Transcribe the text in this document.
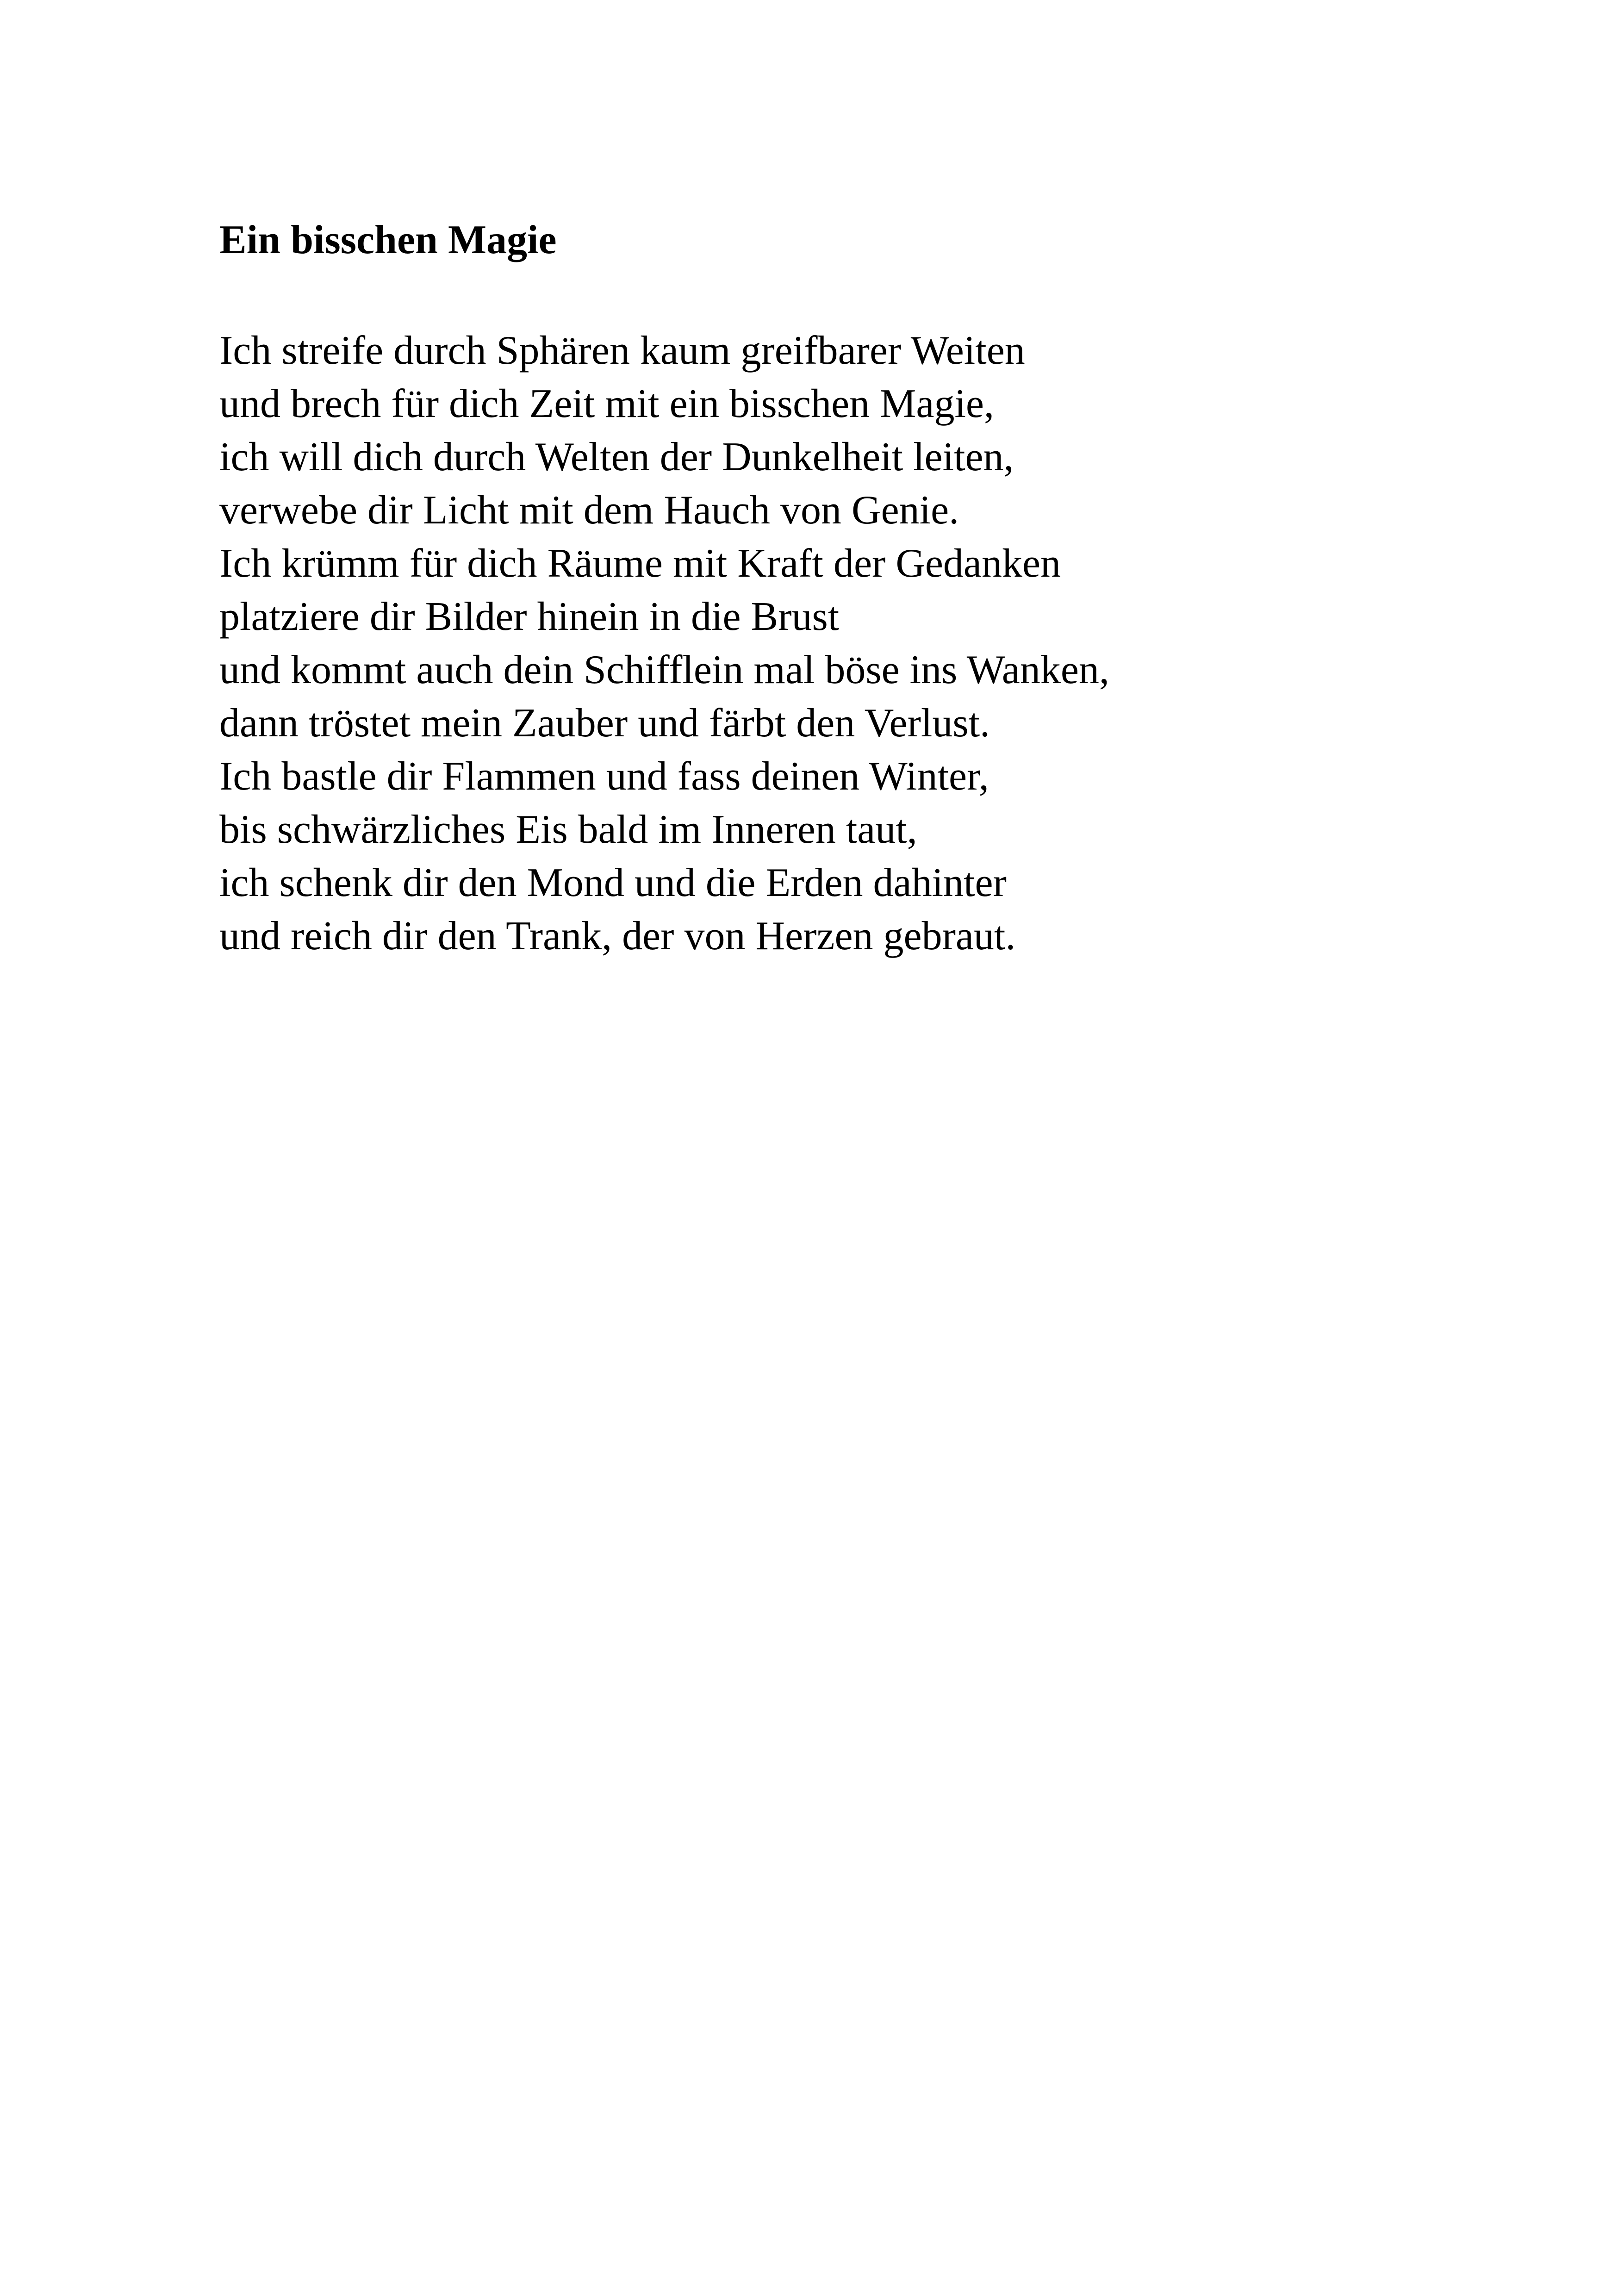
Ein bisschen Magie
Ich streife durch Sphären kaum greifbarer Weiten
und brech für dich Zeit mit ein bisschen Magie,
ich will dich durch Welten der Dunkelheit leiten,
verwebe dir Licht mit dem Hauch von Genie.
Ich krümm für dich Räume mit Kraft der Gedanken
platziere dir Bilder hinein in die Brust
und kommt auch dein Schifflein mal böse ins Wanken,
dann tröstet mein Zauber und färbt den Verlust.
Ich bastle dir Flammen und fass deinen Winter,
bis schwärzliches Eis bald im Inneren taut,
ich schenk dir den Mond und die Erden dahinter
und reich dir den Trank, der von Herzen gebraut.
